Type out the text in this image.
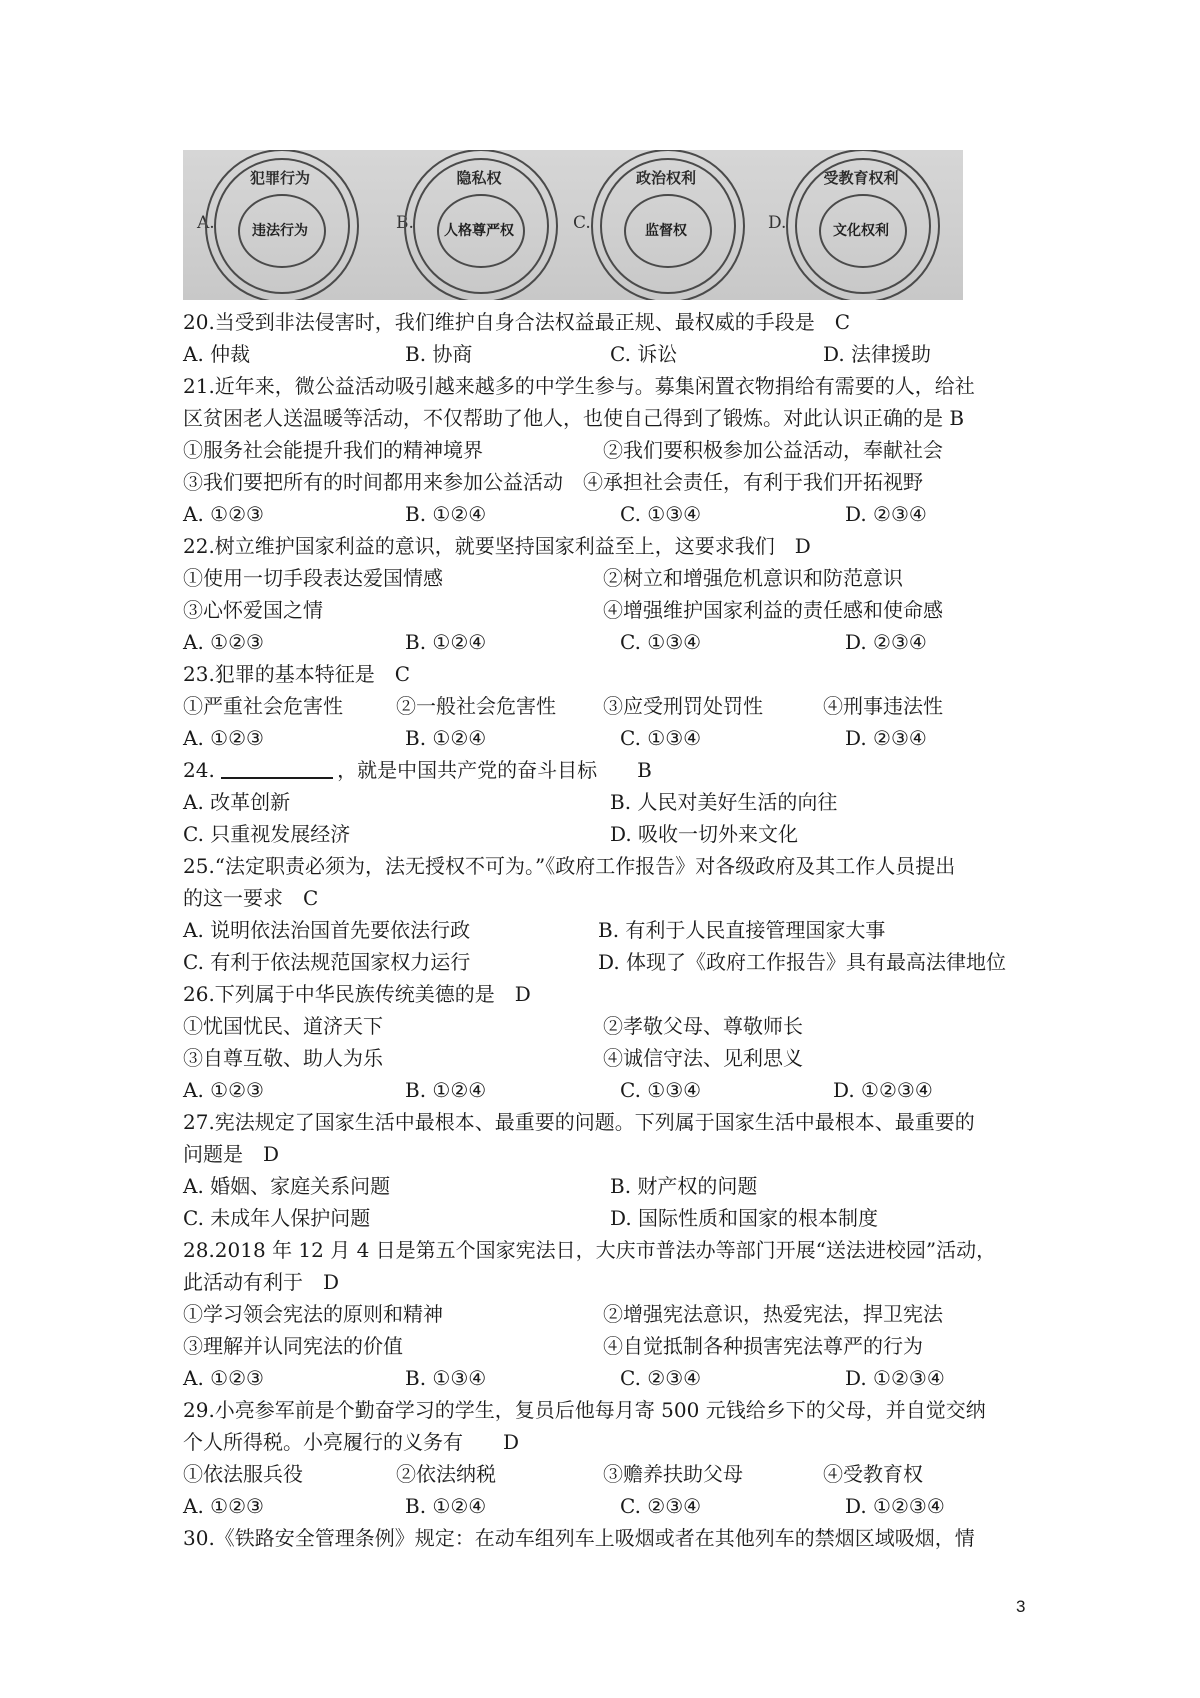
A.
犯罪行为
违法行为	B.
隐私权
人格尊严权	C.
政治权利
监督权	D.
受教育权利
文化权利
20.当受到非法侵害时，我们维护自身合法权益最正规、最权威的手段是　C
A. 仲裁	B. 协商	C. 诉讼	D. 法律援助
21.近年来，微公益活动吸引越来越多的中学生参与。募集闲置衣物捐给有需要的人，给社
区贫困老人送温暖等活动，不仅帮助了他人，也使自己得到了锻炼。对此认识正确的是 B
①服务社会能提升我们的精神境界	②我们要积极参加公益活动，奉献社会
③我们要把所有的时间都用来参加公益活动 ④承担社会责任，有利于我们开拓视野
A. ①②③	B. ①②④	C. ①③④	D. ②③④
22.树立维护国家利益的意识，就要坚持国家利益至上，这要求我们　D
①使用一切手段表达爱国情感	②树立和增强危机意识和防范意识
③心怀爱国之情	④增强维护国家利益的责任感和使命感
A. ①②③	B. ①②④	C. ①③④	D. ②③④
23.犯罪的基本特征是　C
①严重社会危害性	②一般社会危害性 ③应受刑罚处罚性	④刑事违法性
A. ①②③	B. ①②④	C. ①③④	D. ②③④
24.	，就是中国共产党的奋斗目标　　B
A. 改革创新	B. 人民对美好生活的向往
C. 只重视发展经济	D. 吸收一切外来文化
25.“法定职责必须为，法无授权不可为。”《政府工作报告》对各级政府及其工作人员提出
的这一要求　C
A. 说明依法治国首先要依法行政	B. 有利于人民直接管理国家大事
C. 有利于依法规范国家权力运行	D. 体现了《政府工作报告》具有最高法律地位
26.下列属于中华民族传统美德的是　D
①忧国忧民、道济天下	②孝敬父母、尊敬师长
③自尊互敬、助人为乐	④诚信守法、见利思义
A. ①②③	B. ①②④	C. ①③④	D. ①②③④
27.宪法规定了国家生活中最根本、最重要的问题。下列属于国家生活中最根本、最重要的
问题是　D
A. 婚姻、家庭关系问题	B. 财产权的问题
C. 未成年人保护问题	D. 国际性质和国家的根本制度
28.2018 年 12 月 4 日是第五个国家宪法日，大庆市普法办等部门开展“送法进校园”活动，
此活动有利于　D
①学习领会宪法的原则和精神	②增强宪法意识，热爱宪法，捍卫宪法
③理解并认同宪法的价值	④自觉抵制各种损害宪法尊严的行为
A. ①②③	B. ①③④	C. ②③④	D. ①②③④
29.小亮参军前是个勤奋学习的学生，复员后他每月寄 500 元钱给乡下的父母，并自觉交纳
个人所得税。小亮履行的义务有　　D
①依法服兵役	②依法纳税	③赡养扶助父母	④受教育权
A. ①②③	B. ①②④	C. ②③④	D. ①②③④
30.《铁路安全管理条例》规定：在动车组列车上吸烟或者在其他列车的禁烟区域吸烟，情
3
